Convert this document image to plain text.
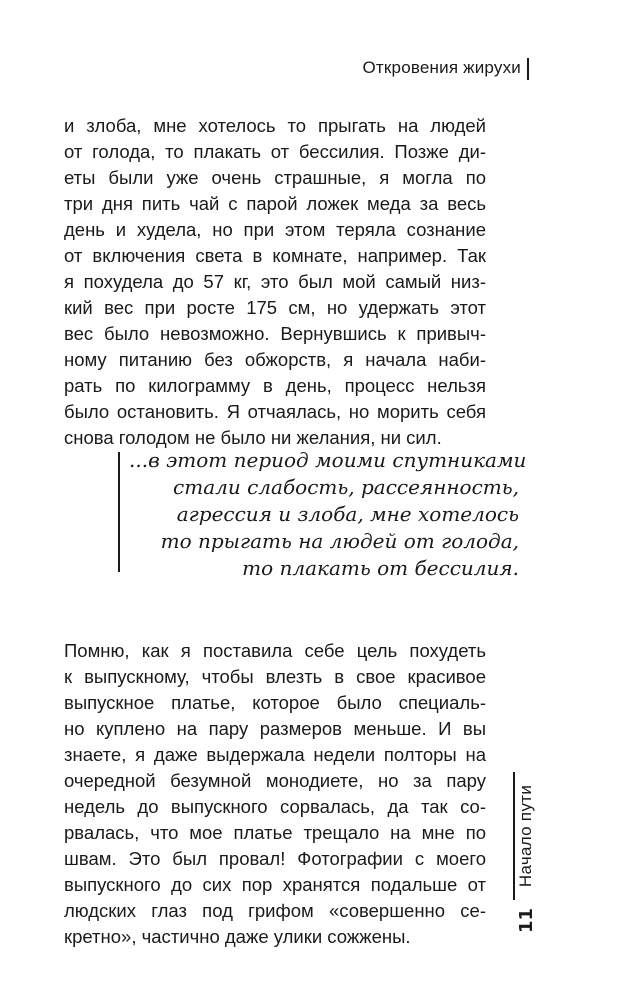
Откровения жирухи
и злоба, мне хотелось то прыгать на людей
от голода, то плакать от бессилия. Позже ди-
еты были уже очень страшные, я могла по
три дня пить чай с парой ложек меда за весь
день и худела, но при этом теряла сознание
от включения света в комнате, например. Так
я похудела до 57 кг, это был мой самый низ-
кий вес при росте 175 см, но удержать этот
вес было невозможно. Вернувшись к привыч-
ному питанию без обжорств, я начала наби-
рать по килограмму в день, процесс нельзя
было остановить. Я отчаялась, но морить себя
снова голодом не было ни желания, ни сил.
...в этот период моими спутниками
стали слабость, рассеянность,
агрессия и злоба, мне хотелось
то прыгать на людей от голода,
то плакать от бессилия.
Помню, как я поставила себе цель похудеть
к выпускному, чтобы влезть в свое красивое
выпускное платье, которое было специаль-
но куплено на пару размеров меньше. И вы
знаете, я даже выдержала недели полторы на
очередной безумной монодиете, но за пару
недель до выпускного сорвалась, да так со-
рвалась, что мое платье трещало на мне по
швам. Это был провал! Фотографии с моего
выпускного до сих пор хранятся подальше от
людских глаз под грифом «совершенно се-
кретно», частично даже улики сожжены.
Начало пути
11
